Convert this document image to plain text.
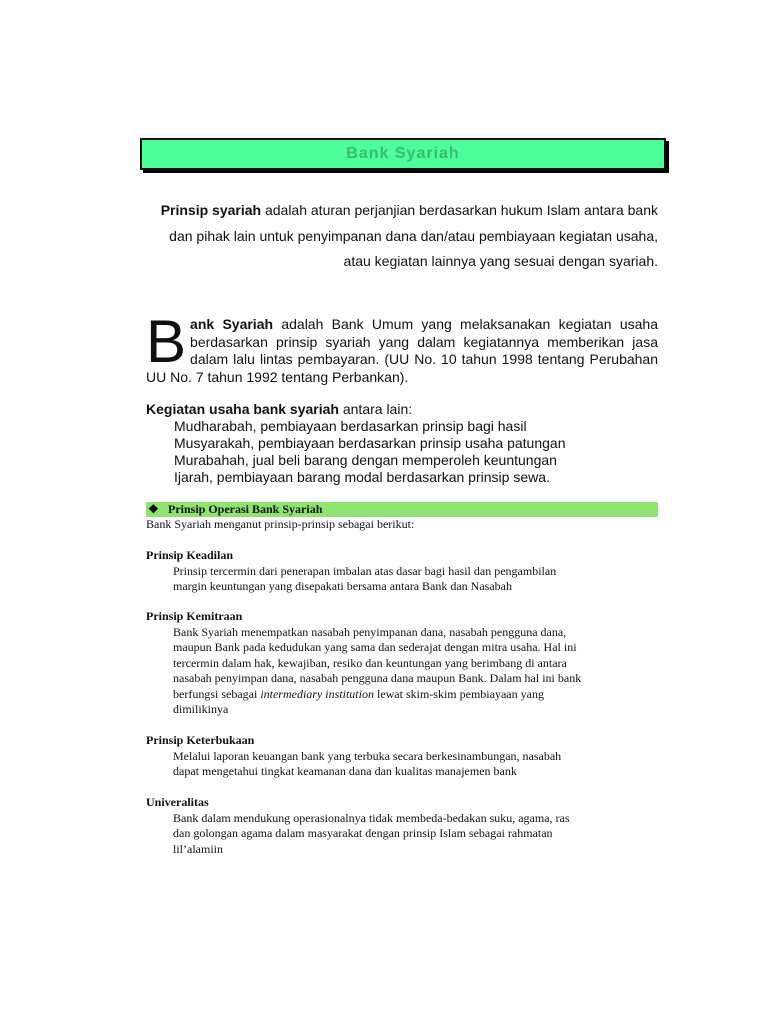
Bank Syariah
Prinsip syariah adalah aturan perjanjian berdasarkan hukum Islam antara bank dan pihak lain untuk penyimpanan dana dan/atau pembiayaan kegiatan usaha, atau kegiatan lainnya yang sesuai dengan syariah.
Bank Syariah adalah Bank Umum yang melaksanakan kegiatan usaha berdasarkan prinsip syariah yang dalam kegiatannya memberikan jasa dalam lalu lintas pembayaran. (UU No. 10 tahun 1998 tentang Perubahan UU No. 7 tahun 1992 tentang Perbankan).
Kegiatan usaha bank syariah antara lain:
Mudharabah, pembiayaan berdasarkan prinsip bagi hasil
Musyarakah, pembiayaan berdasarkan prinsip usaha patungan
Murabahah, jual beli barang dengan memperoleh keuntungan
Ijarah, pembiayaan barang modal berdasarkan prinsip sewa.
❖ Prinsip Operasi Bank Syariah
Bank Syariah menganut prinsip-prinsip sebagai berikut:
Prinsip Keadilan
Prinsip tercermin dari penerapan imbalan atas dasar bagi hasil dan pengambilan
margin keuntungan yang disepakati bersama antara Bank dan Nasabah
Prinsip Kemitraan
Bank Syariah menempatkan nasabah penyimpanan dana, nasabah pengguna dana,
maupun Bank pada kedudukan yang sama dan sederajat dengan mitra usaha. Hal ini
tercermin dalam hak, kewajiban, resiko dan keuntungan yang berimbang di antara
nasabah penyimpan dana, nasabah pengguna dana maupun Bank. Dalam hal ini bank
berfungsi sebagai intermediary institution lewat skim-skim pembiayaan yang
dimilikinya
Prinsip Keterbukaan
Melalui laporan keuangan bank yang terbuka secara berkesinambungan, nasabah
dapat mengetahui tingkat keamanan dana dan kualitas manajemen bank
Univeralitas
Bank dalam mendukung operasionalnya tidak membeda-bedakan suku, agama, ras
dan golongan agama dalam masyarakat dengan prinsip Islam sebagai rahmatan
lil’alamiin
